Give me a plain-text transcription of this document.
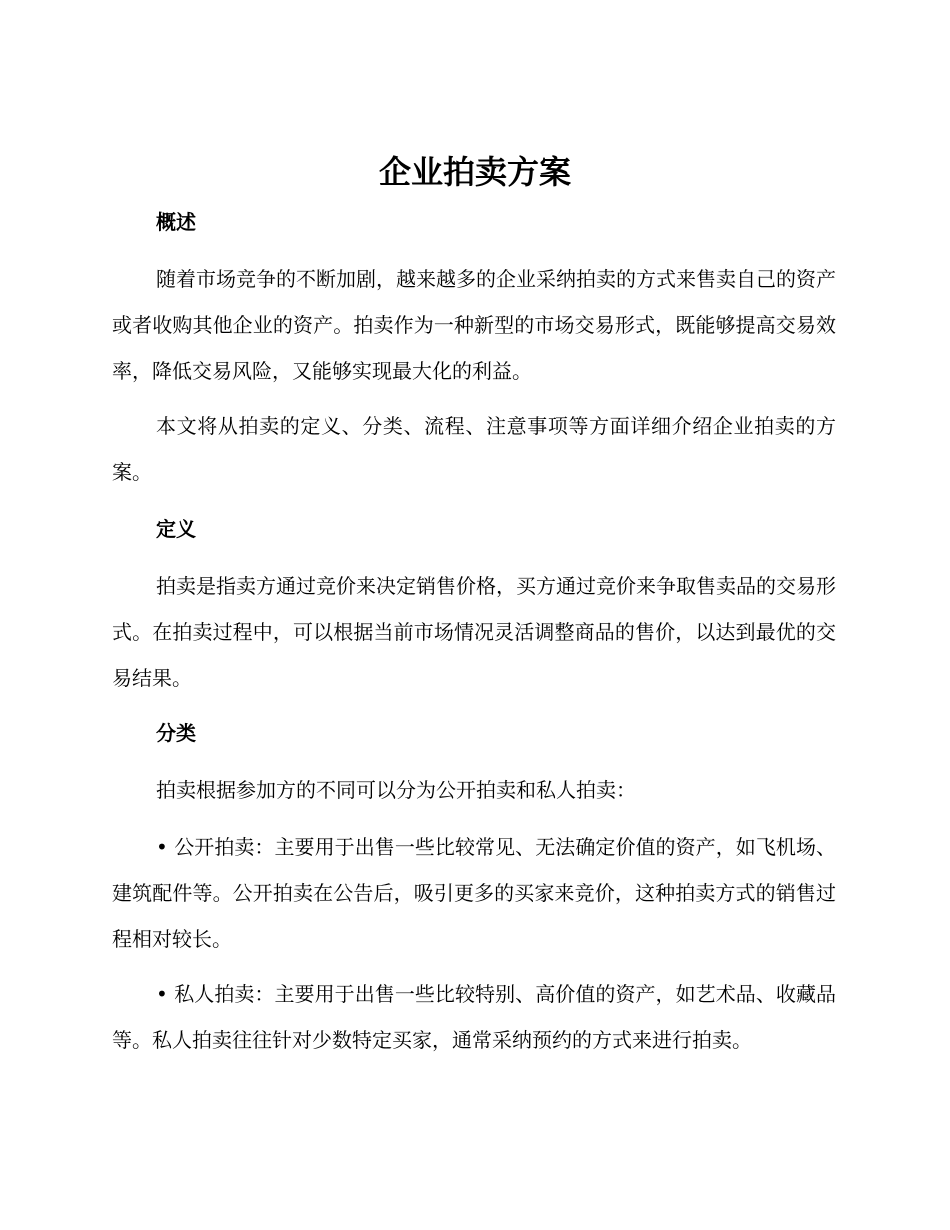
企业拍卖方案
概述

随着市场竞争的不断加剧，越来越多的企业采纳拍卖的方式来售卖自己的资产或者收购其他企业的资产。拍卖作为一种新型的市场交易形式，既能够提高交易效率，降低交易风险，又能够实现最大化的利益。

本文将从拍卖的定义、分类、流程、注意事项等方面详细介绍企业拍卖的方案。

定义

拍卖是指卖方通过竞价来决定销售价格，买方通过竞价来争取售卖品的交易形式。在拍卖过程中，可以根据当前市场情况灵活调整商品的售价，以达到最优的交易结果。

分类

拍卖根据参加方的不同可以分为公开拍卖和私人拍卖：

• 公开拍卖：主要用于出售一些比较常见、无法确定价值的资产，如飞机场、建筑配件等。公开拍卖在公告后，吸引更多的买家来竞价，这种拍卖方式的销售过程相对较长。

• 私人拍卖：主要用于出售一些比较特别、高价值的资产，如艺术品、收藏品等。私人拍卖往往针对少数特定买家，通常采纳预约的方式来进行拍卖。
